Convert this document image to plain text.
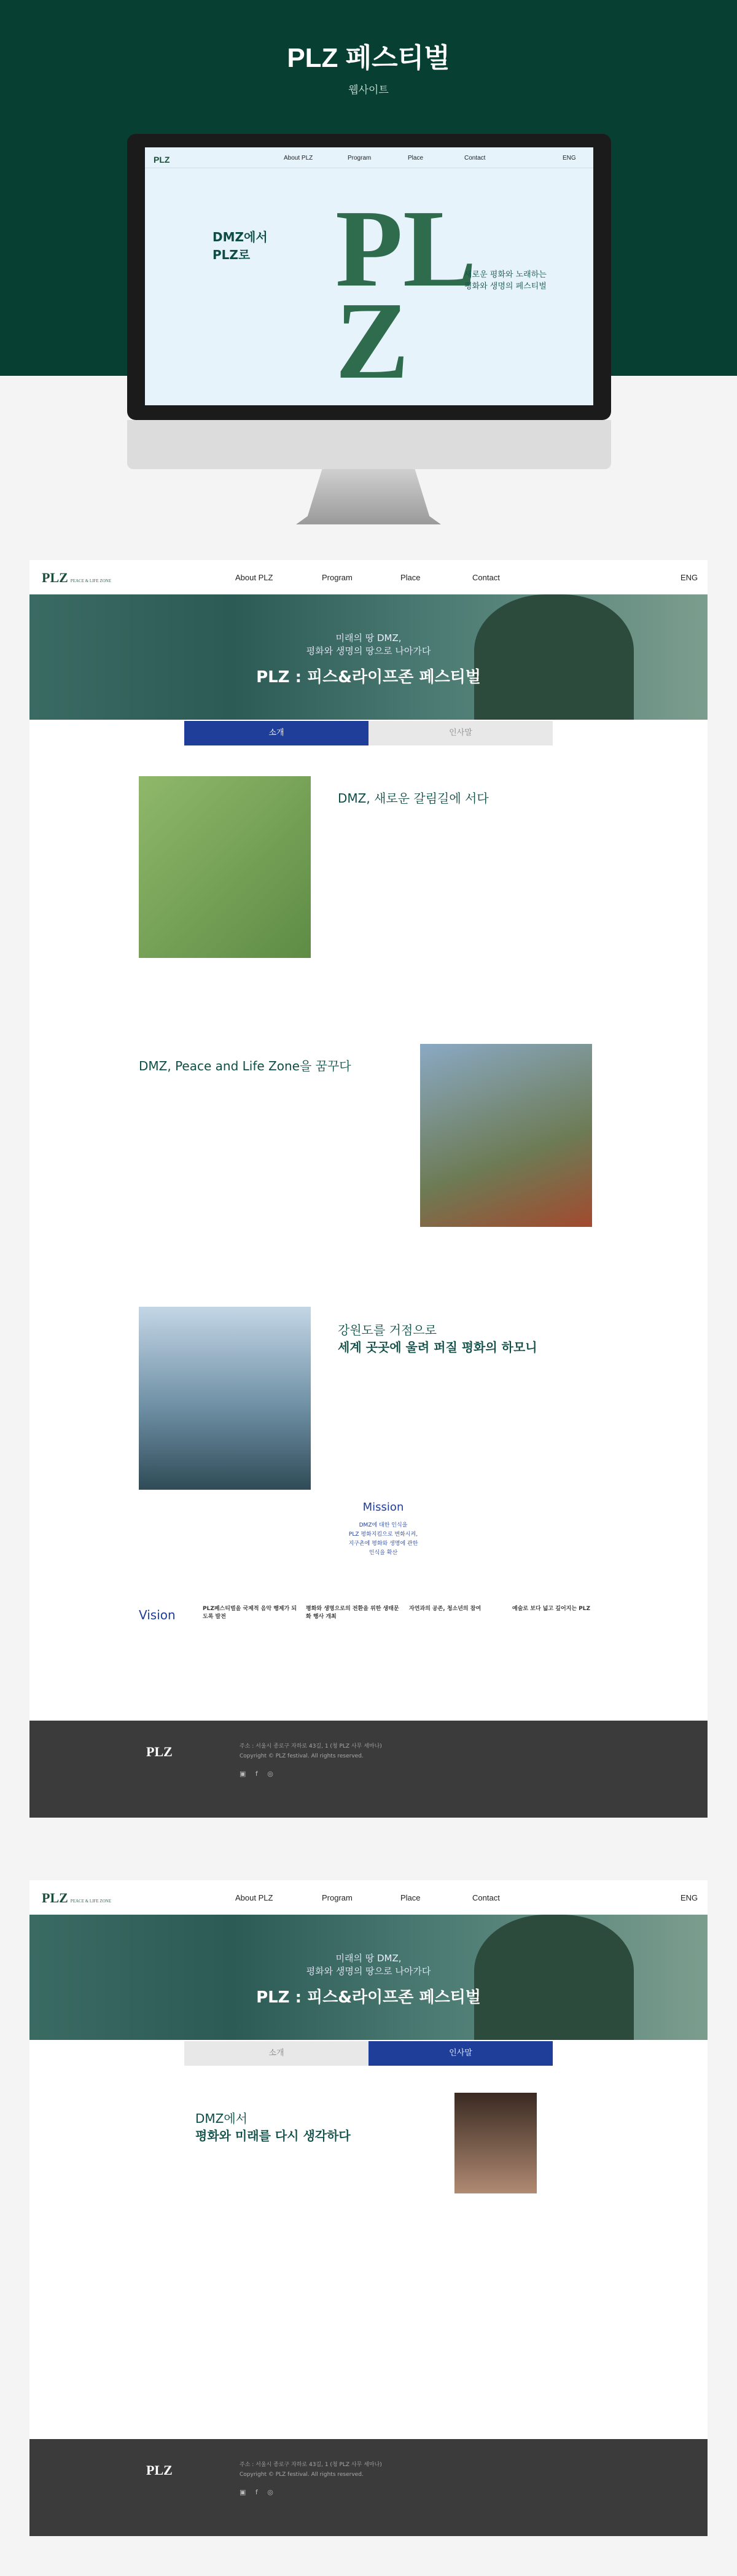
PLZ 페스티벌
웹사이트
PLZ	About PLZ	Program	Place	Contact	ENG
DMZ에서
PLZ로 PL
Z
새로운 평화와 노래하는
평화와 생명의 페스티벌
PLZ PEACE & LIFE ZONE	About PLZ	Program	Place	Contact	ENG
미래의 땅 DMZ,
평화와 생명의 땅으로 나아가다
PLZ : 피스&라이프존 페스티벌
소개	인사말
DMZ, 새로운 갈림길에 서다
DMZ, Peace and Life Zone을 꿈꾸다
강원도를 거점으로
세계 곳곳에 울려 퍼질 평화의 하모니
Mission
DMZ에 대한 인식을
PLZ 평화지킴으로 변화시켜,
지구촌에 평화와 생명에 관한
인식을 확산
Vision	PLZ페스티벌을 국제적 음악 행제가 되도록 발전
평화와 생명으로의 전환을 위한 생태문화 행사 개최
자연과의 공존, 청소년의 참여	예술로 보다 넓고 깊어지는 PLZ
PLZ	주소 : 서울시 종로구 자하로 43길, 1 (청 PLZ 사무 세마나)
Copyright © PLZ festival. All rights reserved.
▣ f ◎
PLZ PEACE & LIFE ZONE	About PLZ	Program	Place	Contact	ENG
미래의 땅 DMZ,
평화와 생명의 땅으로 나아가다
PLZ : 피스&라이프존 페스티벌
소개	인사말
DMZ에서
평화와 미래를 다시 생각하다
PLZ	주소 : 서울시 종로구 자하로 43길, 1 (청 PLZ 사무 세마나)
Copyright © PLZ festival. All rights reserved.
▣ f ◎
